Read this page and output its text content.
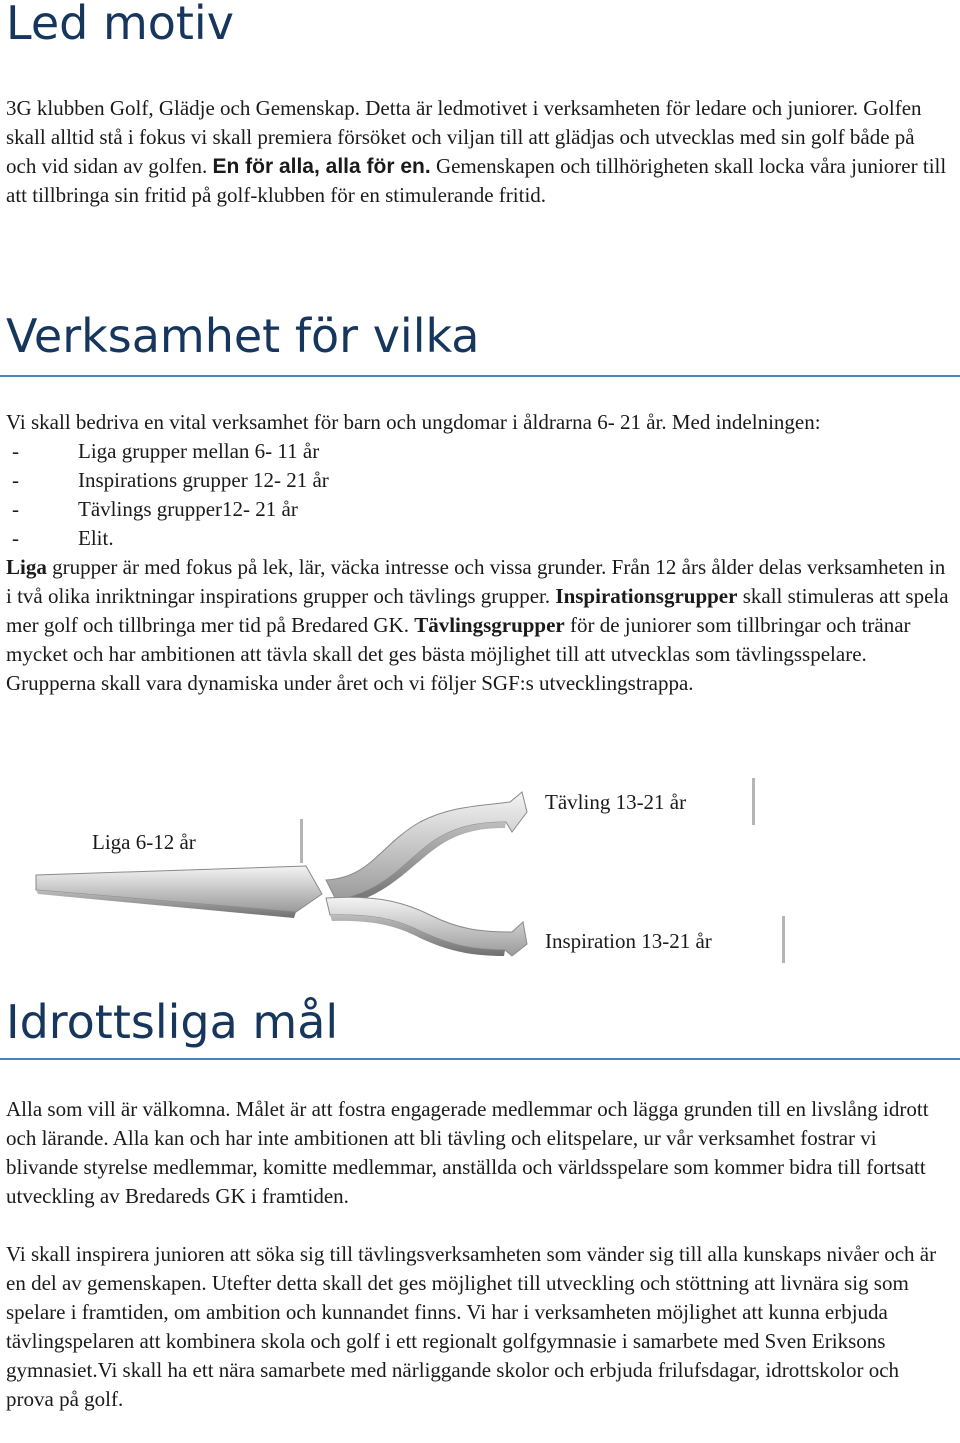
Led motiv

3G klubben Golf, Glädje och Gemenskap. Detta är ledmotivet i verksamheten för ledare och juniorer. Golfen skall alltid stå i fokus vi skall premiera försöket och viljan till att glädjas och utvecklas med sin golf både på och vid sidan av golfen. En för alla, alla för en. Gemenskapen och tillhörigheten skall locka våra juniorer till att tillbringa sin fritid på golf-klubben för en stimulerande fritid.

Verksamhet för vilka
Vi skall bedriva en vital verksamhet för barn och ungdomar i åldrarna 6- 21 år. Med indelningen:
-	Liga grupper mellan 6- 11 år
-	Inspirations grupper 12- 21 år
-	Tävlings grupper12- 21 år
-	Elit.
Liga grupper är med fokus på lek, lär, väcka intresse och vissa grunder. Från 12 års ålder delas verksamheten in i två olika inriktningar inspirations grupper och tävlings grupper. Inspirationsgrupper skall stimuleras att spela mer golf och tillbringa mer tid på Bredared GK. Tävlingsgrupper för de juniorer som tillbringar och tränar mycket och har ambitionen att tävla skall det ges bästa möjlighet till att utvecklas som tävlingsspelare. Grupperna skall vara dynamiska under året och vi följer SGF:s utvecklingstrappa.
Liga 6-12 år
Tävling 13-21 år
Inspiration 13-21 år
Idrottsliga mål

Alla som vill är välkomna. Målet är att fostra engagerade medlemmar och lägga grunden till en livslång idrott och lärande. Alla kan och har inte ambitionen att bli tävling och elitspelare, ur vår verksamhet fostrar vi blivande styrelse medlemmar, komitte medlemmar, anställda och världsspelare som kommer bidra till fortsatt utveckling av Bredareds GK i framtiden.

Vi skall inspirera junioren att söka sig till tävlingsverksamheten som vänder sig till alla kunskaps nivåer och är en del av gemenskapen. Utefter detta skall det ges möjlighet till utveckling och stöttning att livnära sig som spelare i framtiden, om ambition och kunnandet finns. Vi har i verksamheten möjlighet att kunna erbjuda tävlingspelaren att kombinera skola och golf i ett regionalt golfgymnasie i samarbete med Sven Eriksons gymnasiet.Vi skall ha ett nära samarbete med närliggande skolor och erbjuda frilufsdagar, idrottskolor och prova på golf.
